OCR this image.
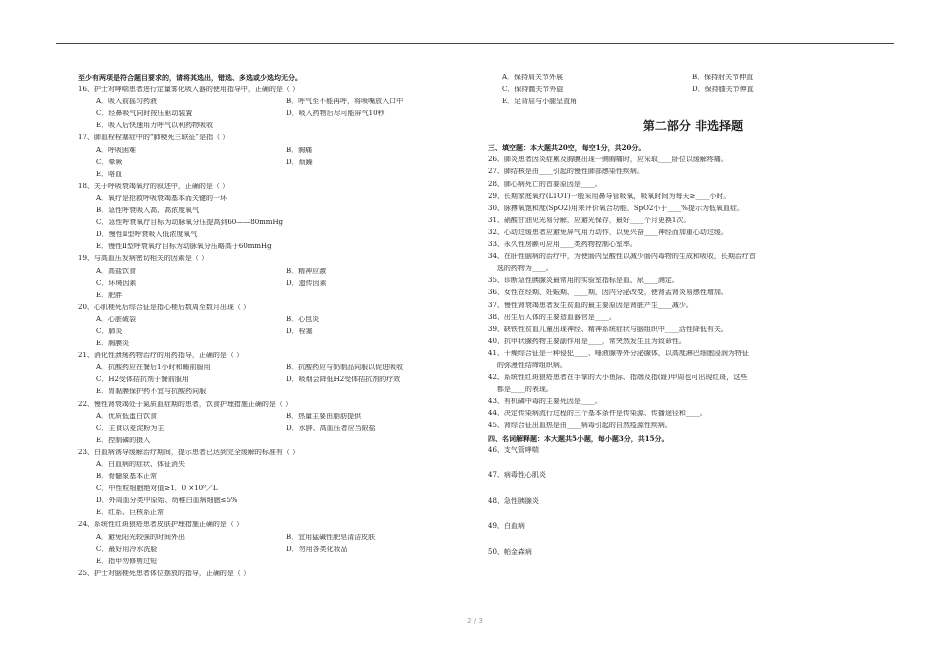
至少有两项是符合题目要求的，请将其选出，错选、多选或少选均无分。
16、护士对哮喘患者进行定量雾化吸入器的使用指导中，正确的是（ ）
A．吸入前摇匀药液	B．呼气至不能再呼，将喷嘴放入口中
C．经鼻吸气同时按压驱动装置	D．吸入药物后尽可能屏气10秒
E．吸入后快速用力呼气以利药物吸收
17、肺血栓栓塞症中的“肺梗死三联征”是指（ ）
A．呼吸困难	B．胸痛
C．晕厥	D．烦躁
E．咯血
18、关于呼吸衰竭氧疗的叙述中，正确的是（ ）
A．氧疗是抢救呼吸衰竭基本而关键的一环
B．急性呼衰吸入高、高浓度氧气
C．急性呼衰氧疗目标为动脉氧分压提高到60——80mmHg
D．慢性Ⅱ型呼衰吸入低浓度氧气
E．慢性Ⅱ型呼衰氧疗目标为动脉氧分压略高于60mmHg
19、与高血压发病密切相关的因素是（ ）
A．高盐饮食	B．精神应激
C．环境因素	D．遗传因素
E．肥胖
20、心肌梗死后综合征是指心梗后数周至数月出现（ ）
A．心脏破裂	B．心包炎
C．肺炎	D．栓塞
E．胸膜炎
21、消化性溃疡药物治疗的用药指导，正确的是（ ）
A．抗酸药应在餐后1小时和睡前服用	B．抗酸药应与奶制品同服以促进吸收
C．H2受体拮抗剂于餐前服用	D．吸烟会降低H2受体拮抗剂的疗效
E．胃黏膜保护药不宜与抗酸药同服
22、慢性肾衰竭处于氮质血症期的患者，饮食护理措施正确的是（ ）
A．优质低蛋白饮食	B．热量主要由脂肪提供
C．主食以麦淀粉为主	D．水肿、高血压者应当限盐
E．控制磷的摄入
23、白血病诱导缓解治疗期间，提示患者已达到完全缓解的标准有（ ）
A．白血病的症状、体征消失
B．骨髓象基本正常
C．中性粒细胞绝对值≥1．0 ×10⁹／L
D．外周血分类中原始、幼稚白血病细胞≤5%
E．红系、巨核系正常
24、系统性红斑狼疮患者皮肤护理措施正确的是（ ）
A．避免阳光较强的时间外出	B．宜用猛碱性肥皂清洁皮肤
C．最好用冷水洗脸	D．勿用各类化妆品
E．指甲勿修剪过短
25、护士对脑梗死患者体位摆放的指导，正确的是（ ）
A．保持肩关节外展	B．保持肘关节伸直
C．保持髋关节外旋	D．保持膝关节伸直
E．足背屈与小腿呈直角
第二部分 非选择题
三、填空题：本大题共20空，每空1分，共20分。
26、肺炎患者因炎症累及胸膜出现一侧胸痛时，应采取____卧位以缓解疼痛。
27、肺结核是由____引起的慢性肺部感染性疾病。
28、肺心病死亡的首要原因是____。
29、长期家庭氧疗(LTOT)一般采用鼻导管吸氧，吸氧时间为每天≥____小时。
30、脉搏氧饱和度(SpO2)用来评价氧合功能，SpO2小于____%提示为低氧血症。
31、硝酸甘油见光易分解，应避光保存，最好____个月更换1次。
32、心动过缓患者应避免屏气用力动作，以免兴奋____神经而加重心动过缓。
33、永久性房颤可应用____类药物控制心室率。
34、在肝性脑病的治疗中，为使肠内呈酸性以减少肠内毒物的生成和吸收，长期治疗首
选的药物为____。
35、诊断急性胰腺炎最常用的实验室指标是血、尿____测定。
36、女性在经期、妊娠期、____期，因内分泌改变，使肾盂肾炎易感性增加。
37、慢性肾衰竭患者发生贫血的最主要原因是肾脏产生____减少。
38、出生后人体的主要造血器官是____。
39、缺铁性贫血儿童出现神经、精神系统症状与脑组织中____活性降低有关。
40、抗甲状腺药物主要副作用是____，常突然发生且为致命性。
41、干燥综合征是一种侵犯____、唾液腺等外分泌腺体，以高度淋巴细胞浸润为特征
的弥漫性结缔组织病。
42、系统性红斑狼疮患者在手掌的大小鱼际、指端及指(趾)甲周也可出现红斑，这些
都是____的表现。
43、有机磷中毒的主要死因是____。
44、决定传染病流行过程的三个基本条件是传染源、传播途径和____。
45、肾综合征出血热是由____病毒引起的自然疫源性疾病。
四、名词解释题：本大题共5小题，每小题3分，共15分。
46、支气管哮喘
47、病毒性心肌炎
48、急性胰腺炎
49、白血病
50、帕金森病
2 / 3
